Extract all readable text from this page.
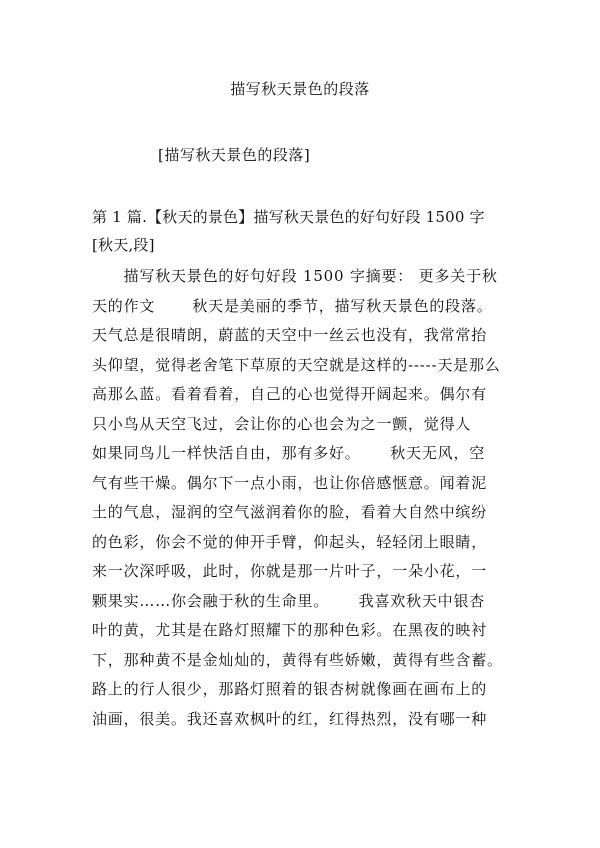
描写秋天景色的段落
[描写秋天景色的段落]
第 1 篇.【秋天的景色】描写秋天景色的好句好段 1500 字
[秋天,段]
　　描写秋天景色的好句好段 1500 字摘要： 更多关于秋
天的作文　　 秋天是美丽的季节，描写秋天景色的段落。
天气总是很晴朗，蔚蓝的天空中一丝云也没有，我常常抬
头仰望，觉得老舍笔下草原的天空就是这样的-----天是那么
高那么蓝。看着看着，自己的心也觉得开阔起来。偶尔有
只小鸟从天空飞过，会让你的心也会为之一颤，觉得人
如果同鸟儿一样快活自由，那有多好。　　 秋天无风，空
气有些干燥。偶尔下一点小雨，也让你倍感惬意。闻着泥
土的气息，湿润的空气滋润着你的脸，看着大自然中缤纷
的色彩，你会不觉的伸开手臂，仰起头，轻轻闭上眼睛，
来一次深呼吸，此时，你就是那一片叶子，一朵小花，一
颗果实……你会融于秋的生命里。　　 我喜欢秋天中银杏
叶的黄，尤其是在路灯照耀下的那种色彩。在黑夜的映衬
下，那种黄不是金灿灿的，黄得有些娇嫩，黄得有些含蓄。
路上的行人很少，那路灯照着的银杏树就像画在画布上的
油画，很美。我还喜欢枫叶的红，红得热烈，没有哪一种
